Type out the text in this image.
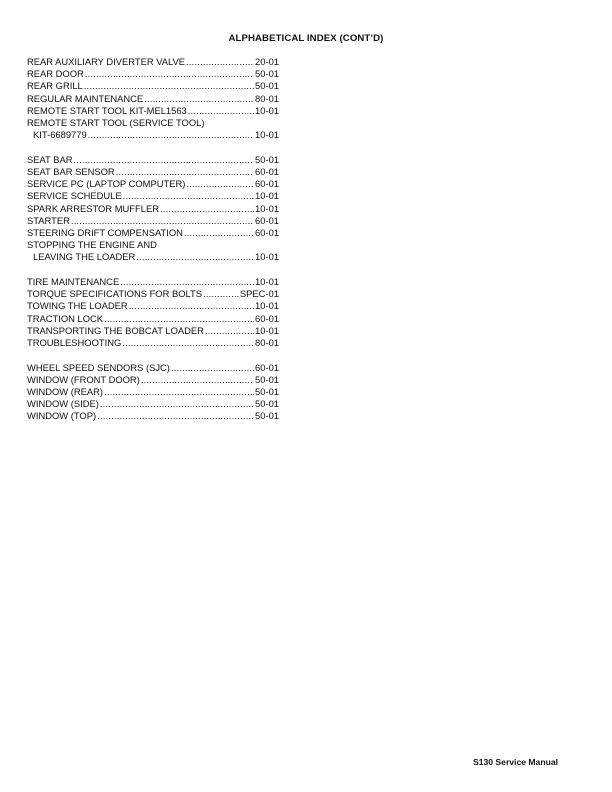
ALPHABETICAL INDEX (CONT’D)
REAR AUXILIARY DIVERTER VALVE .....	20-01
REAR DOOR .....	50-01
REAR GRILL .....	50-01
REGULAR MAINTENANCE .....	80-01
REMOTE START TOOL KIT-MEL1563 .....	10-01
REMOTE START TOOL (SERVICE TOOL)
KIT-6689779 .....	10-01
SEAT BAR .....	50-01
SEAT BAR SENSOR .....	60-01
SERVICE PC (LAPTOP COMPUTER) .....	60-01
SERVICE SCHEDULE .....	10-01
SPARK ARRESTOR MUFFLER .....	10-01
STARTER .....	60-01
STEERING DRIFT COMPENSATION .....	60-01
STOPPING THE ENGINE AND
LEAVING THE LOADER .....	10-01
TIRE MAINTENANCE .....	10-01
TORQUE SPECIFICATIONS FOR BOLTS .....	SPEC-01
TOWING THE LOADER .....	10-01
TRACTION LOCK .....	60-01
TRANSPORTING THE BOBCAT LOADER .....	10-01
TROUBLESHOOTING .....	80-01
WHEEL SPEED SENDORS (SJC) .....	60-01
WINDOW (FRONT DOOR) .....	50-01
WINDOW (REAR) .....	50-01
WINDOW (SIDE) .....	50-01
WINDOW (TOP) .....	50-01
S130 Service Manual
